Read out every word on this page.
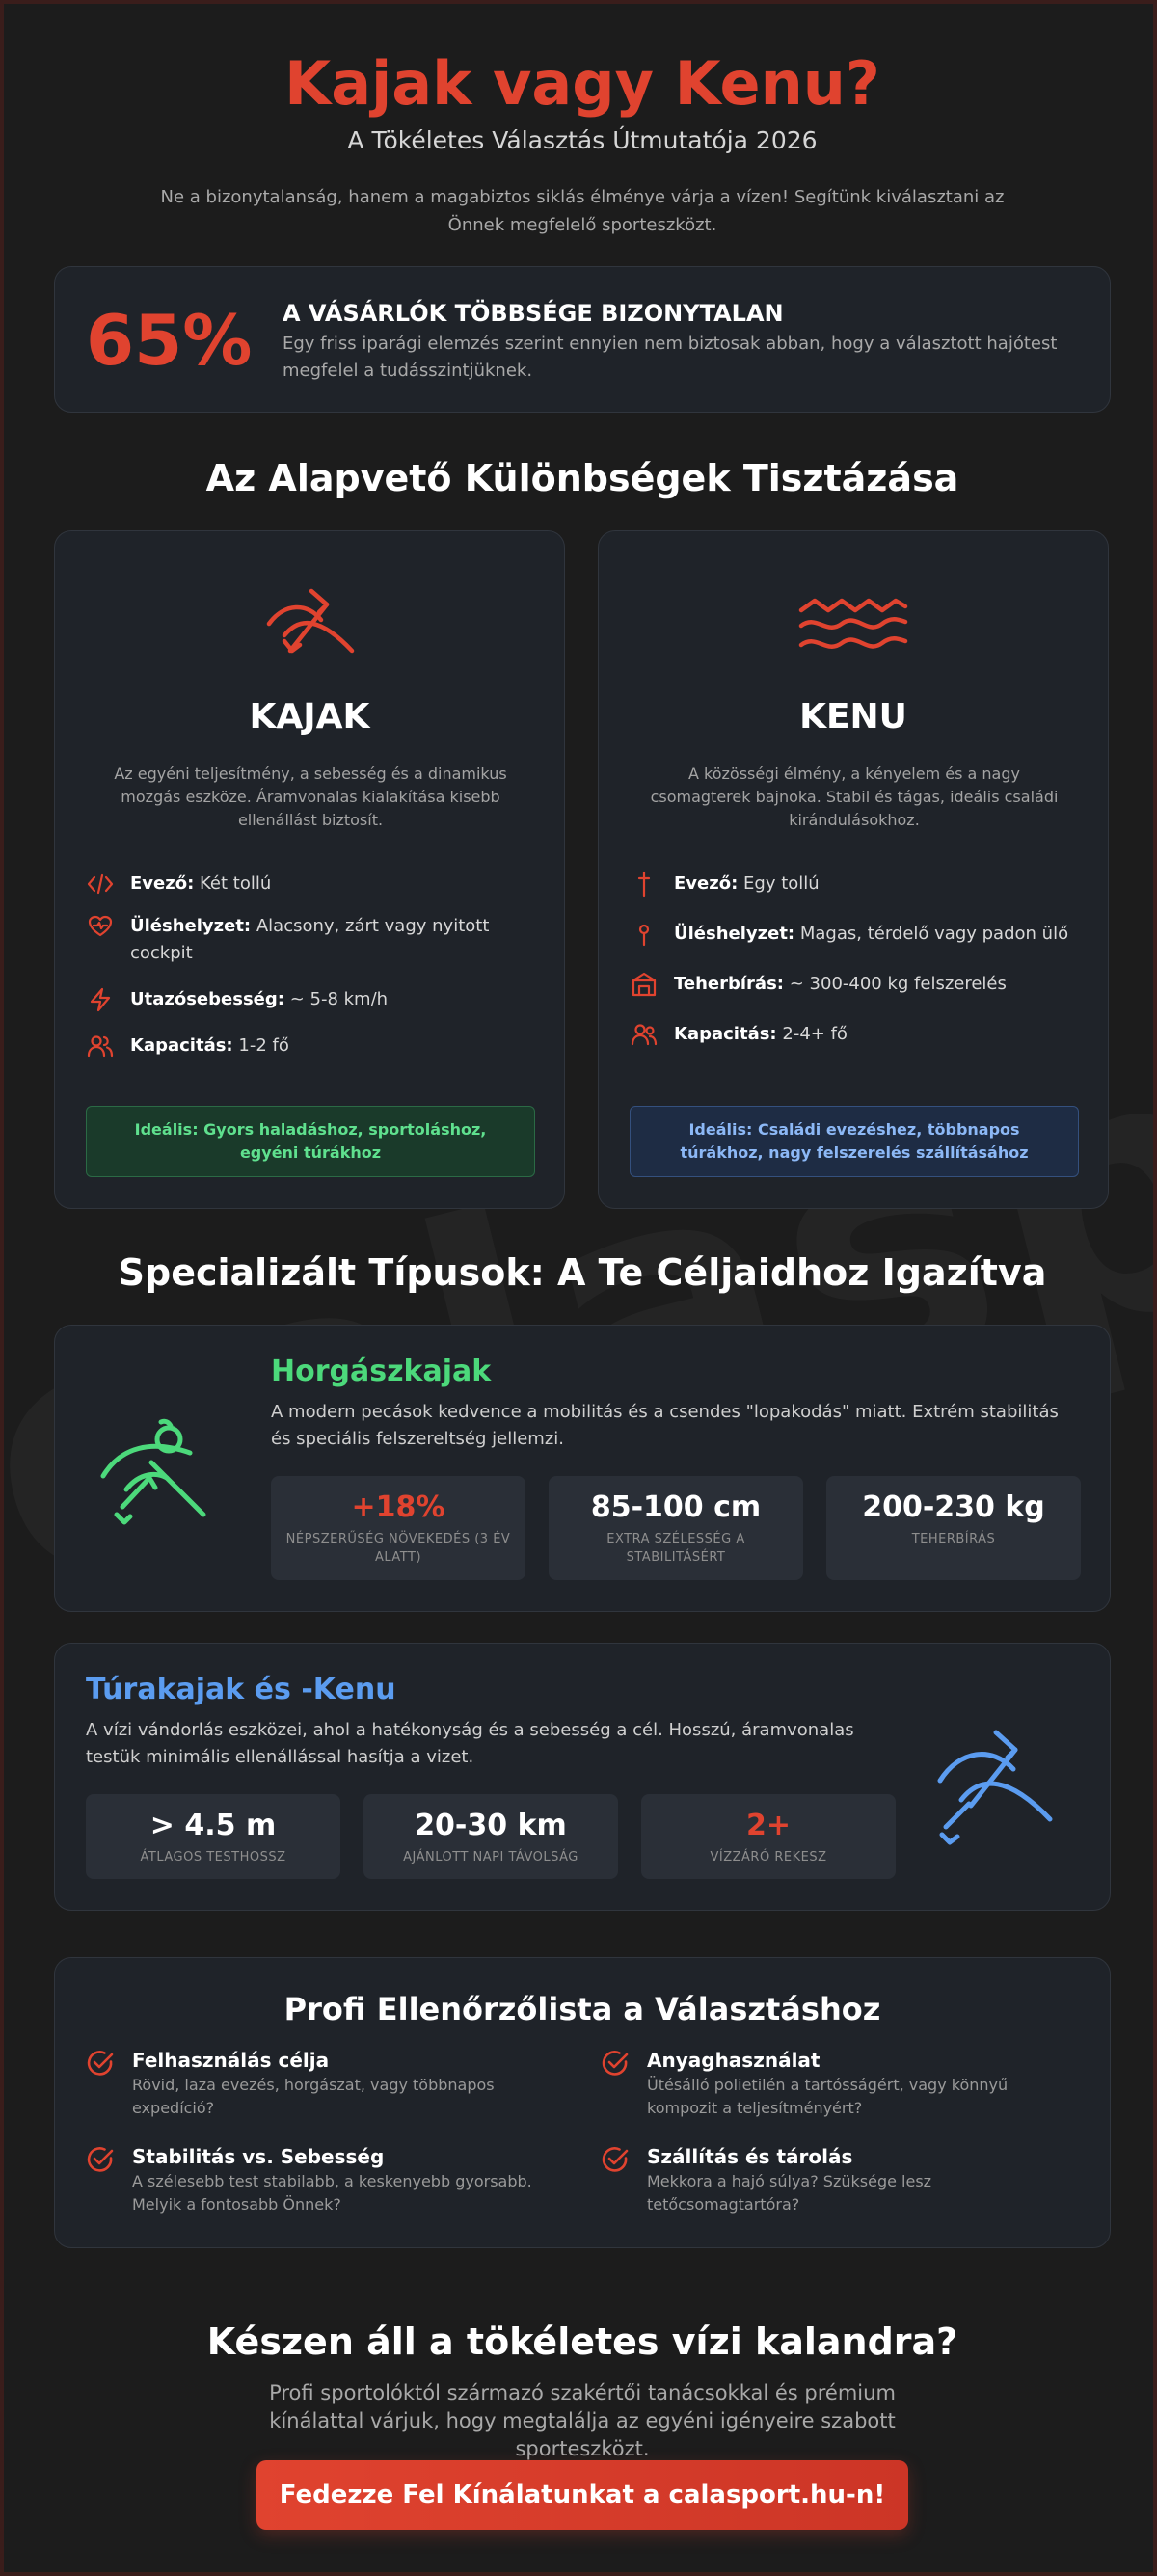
Kajak vagy Kenu?
A Tökéletes Választás Útmutatója 2026
Ne a bizonytalanság, hanem a magabiztos siklás élménye várja a vízen! Segítünk kiválasztani az Önnek megfelelő sporteszközt.
65% A VÁSÁRLÓK TÖBBSÉGE BIZONYTALAN
Egy friss iparági elemzés szerint ennyien nem biztosak abban, hogy a választott hajótest megfelel a tudásszintjüknek.
Az Alapvető Különbségek Tisztázása
KAJAK
Az egyéni teljesítmény, a sebesség és a dinamikus mozgás eszköze. Áramvonalas kialakítása kisebb ellenállást biztosít.
Evező: Két tollú
Üléshelyzet: Alacsony, zárt vagy nyitott cockpit
Utazósebesség: ~ 5-8 km/h
Kapacitás: 1-2 fő
Ideális: Gyors haladáshoz, sportoláshoz, egyéni túrákhoz
KENU
A közösségi élmény, a kényelem és a nagy csomagterek bajnoka. Stabil és tágas, ideális családi kirándulásokhoz.
Evező: Egy tollú
Üléshelyzet: Magas, térdelő vagy padon ülő
Teherbírás: ~ 300-400 kg felszerelés
Kapacitás: 2-4+ fő
Ideális: Családi evezéshez, többnapos túrákhoz, nagy felszerelés szállításához
Specializált Típusok: A Te Céljaidhoz Igazítva
Horgászkajak
A modern pecások kedvence a mobilitás és a csendes "lopakodás" miatt. Extrém stabilitás és speciális felszereltség jellemzi.
+18%
NÉPSZERŰSÉG NÖVEKEDÉS (3 ÉV ALATT)
85-100 cm
EXTRA SZÉLESSÉG A STABILITÁSÉRT
200-230 kg
TEHERBÍRÁS
Túrakajak és -Kenu
A vízi vándorlás eszközei, ahol a hatékonyság és a sebesség a cél. Hosszú, áramvonalas testük minimális ellenállással hasítja a vizet.
> 4.5 m
ÁTLAGOS TESTHOSSZ
20-30 km
AJÁNLOTT NAPI TÁVOLSÁG
2+
VÍZZÁRÓ REKESZ
Profi Ellenőrzőlista a Választáshoz
Felhasználás célja
Rövid, laza evezés, horgászat, vagy többnapos expedíció?
Anyaghasználat
Ütésálló polietilén a tartósságért, vagy könnyű kompozit a teljesítményért?
Stabilitás vs. Sebesség
A szélesebb test stabilabb, a keskenyebb gyorsabb. Melyik a fontosabb Önnek?
Szállítás és tárolás
Mekkora a hajó súlya? Szüksége lesz tetőcsomagtartóra?
Készen áll a tökéletes vízi kalandra?
Profi sportolóktól származó szakértői tanácsokkal és prémium kínálattal várjuk, hogy megtalálja az egyéni igényeire szabott sporteszközt.
Fedezze Fel Kínálatunkat a calasport.hu-n!
